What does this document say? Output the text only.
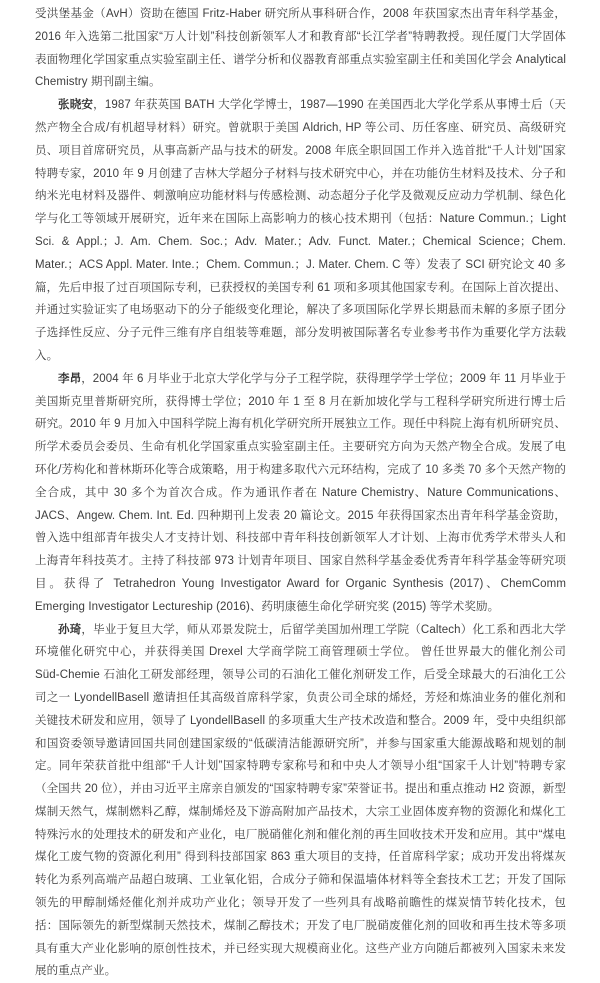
受洪堡基金（AvH）资助在德国 Fritz-Haber 研究所从事科研合作，2008 年获国家杰出青年科学基金，2016 年入选第二批国家“万人计划”科技创新领军人才和教育部“长江学者”特聘教授。现任厦门大学固体表面物理化学国家重点实验室副主任、谱学分析和仪器教育部重点实验室副主任和美国化学会 Analytical Chemistry 期刊副主编。

张晓安，1987 年获英国 BATH 大学化学博士，1987—1990 在美国西北大学化学系从事博士后（天然产物全合成/有机超导材料）研究。曾就职于美国 Aldrich, HP 等公司、历任客座、研究员、高级研究员、项目首席研究员，从事高新产品与技术的研发。2008 年底全职回国工作并入选首批“千人计划”国家特聘专家，2010 年 9 月创建了吉林大学超分子材料与技术研究中心，并在功能仿生材料及技术、分子和纳米光电材料及器件、刺激响应功能材料与传感检测、动态超分子化学及微观反应动力学机制、绿色化学与化工等领域开展研究，近年来在国际上高影响力的核心技术期刊（包括：Nature Commun.；Light Sci. & Appl.；J. Am. Chem. Soc.；Adv. Mater.；Adv. Funct. Mater.；Chemical Science；Chem. Mater.；ACS Appl. Mater. Inte.；Chem. Commun.；J. Mater. Chem. C 等）发表了 SCI 研究论文 40 多篇，先后申报了过百项国际专利，已获授权的美国专利 61 项和多项其他国家专利。在国际上首次提出、并通过实验证实了电场驱动下的分子能级变化理论，解决了多项国际化学界长期悬而未解的多原子团分子选择性反应、分子元件三维有序自组装等难题，部分发明被国际著名专业参考书作为重要化学方法载入。

李昂，2004 年 6 月毕业于北京大学化学与分子工程学院，获得理学学士学位；2009 年 11 月毕业于美国斯克里普斯研究所，获得博士学位；2010 年 1 至 8 月在新加坡化学与工程科学研究所进行博士后研究。2010 年 9 月加入中国科学院上海有机化学研究所开展独立工作。现任中科院上海有机所研究员、所学术委员会委员、生命有机化学国家重点实验室副主任。主要研究方向为天然产物全合成。发展了电环化/芳构化和普林斯环化等合成策略，用于构建多取代六元环结构，完成了 10 多类 70 多个天然产物的全合成，其中 30 多个为首次合成。作为通讯作者在 Nature Chemistry、Nature Communications、JACS、Angew. Chem. Int. Ed. 四种期刊上发表 20 篇论文。2015 年获得国家杰出青年科学基金资助，曾入选中组部青年拔尖人才支持计划、科技部中青年科技创新领军人才计划、上海市优秀学术带头人和上海青年科技英才。主持了科技部 973 计划青年项目、国家自然科学基金委优秀青年科学基金等研究项目。获得了 Tetrahedron Young Investigator Award for Organic Synthesis (2017)、ChemComm Emerging Investigator Lectureship (2016)、药明康德生命化学研究奖 (2015) 等学术奖励。

孙琦，毕业于复旦大学，师从邓景发院士，后留学美国加州理工学院（Caltech）化工系和西北大学环境催化研究中心，并获得美国 Drexel 大学商学院工商管理硕士学位。 曾任世界最大的催化剂公司 Süd-Chemie 石油化工研发部经理，领导公司的石油化工催化剂研发工作，后受全球最大的石油化工公司之一 LyondellBasell 邀请担任其高级首席科学家，负责公司全球的烯烃，芳烃和炼油业务的催化剂和关键技术研发和应用，领导了 LyondellBasell 的多项重大生产技术改造和整合。2009 年，受中央组织部和国资委领导邀请回国共同创建国家级的“低碳清洁能源研究所”，并参与国家重大能源战略和规划的制定。同年荣获首批中组部“千人计划”国家特聘专家称号和和中央人才领导小组“国家千人计划”特聘专家（全国共 20 位），并由习近平主席亲自颁发的“国家特聘专家”荣誉证书。提出和重点推动 H2 资源，新型煤制天然气，煤制燃料乙醇，煤制烯烃及下游高附加产品技术，大宗工业固体废弃物的资源化和煤化工特殊污水的处理技术的研发和产业化，电厂脱硝催化剂和催化剂的再生回收技术开发和应用。其中“煤电煤化工废气物的资源化利用” 得到科技部国家 863 重大项目的支持，任首席科学家；成功开发出将煤灰转化为系列高端产品超白玻璃、工业氧化铝，合成分子筛和保温墙体材料等全套技术工艺；开发了国际领先的甲醇制烯烃催化剂并成功产业化；领导开发了一些列具有战略前瞻性的煤炭情节转化技术，包括：国际领先的新型煤制天然技术，煤制乙醇技术；开发了电厂脱硝废催化剂的回收和再生技术等多项具有重大产业化影响的原创性技术，并已经实现大规模商业化。这些产业方向随后都被列入国家未来发展的重点产业。
